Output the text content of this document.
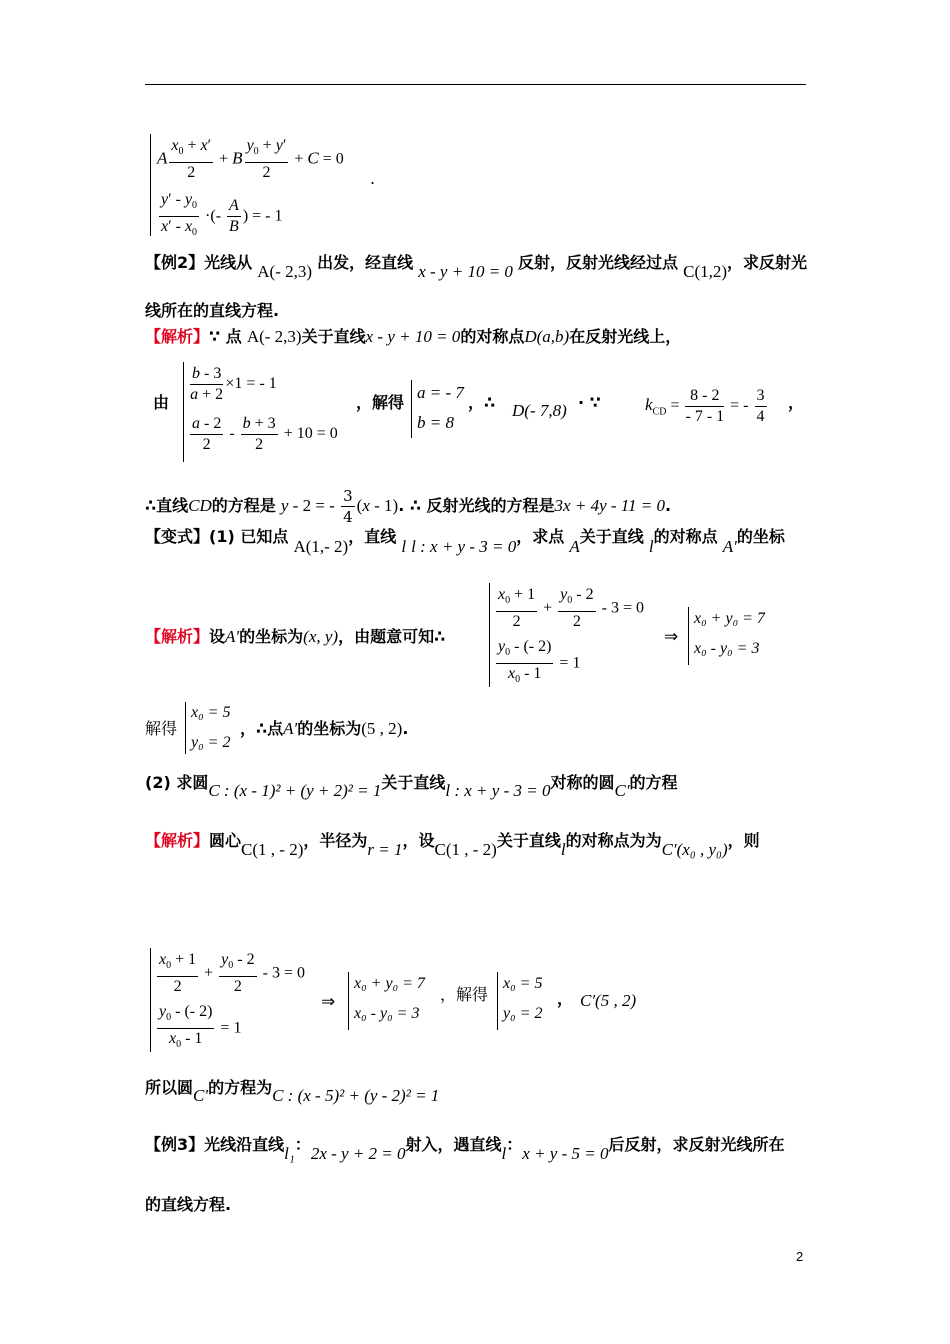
A $\frac{x_0 + x'}{2} + B \frac{y_0 + y'}{2} + C = 0$
$\frac{y' - y_0}{x' - x_0}$ ·(- $\frac{A}{B}$ ) = - 1
.
【例2】光线从 A(- 2,3) 出发，经直线 x - y + 10 = 0 反射，反射光线经过点 C(1,2)，求反射光
线所在的直线方程.
【解析】∵ 点 A(- 2,3)关于直线x - y + 10 = 0的对称点D(a,b)在反射光线上，
由 $\frac{b - 3}{a + 2} \times 1$ = - 1
$\frac{a - 2}{2} - \frac{b + 3}{2} + 10 = 0$
，解得
a = - 7
b = 8
，∴ D(- 7,8) · ∵	$k_{CD} = \frac{8 - 2}{- 7 - 1}$ = - $\frac{3}{4}$ ，
∴直线CD的方程是 y - 2 = - $\frac{3}{4} (x - 1)$. ∴ 反射光线的方程是3x + 4y - 11 = 0.
【变式】(1) 已知点 A(1,- 2)，直线 l l : x + y - 3 = 0，求点 A关于直线 l的对称点 A′的坐标
【解析】设A′的坐标为(x, y)，由题意可知∴
$\frac{x_0 + 1}{2} + \frac{y_0 - 2}{2} - 3 = 0$
$\frac{y_0 - (- 2)}{x_0 - 1} = 1$
⇒
x₀ + y₀ = 7
x₀ - y₀ = 3
解得
x₀ = 5
y₀ = 2
，∴点A′的坐标为(5 , 2).
(2) 求圆C : (x - 1)² + (y + 2)² = 1关于直线l : x + y - 3 = 0对称的圆C′的方程
【解析】圆心C(1 , - 2)，半径为r = 1，设C(1 , - 2)关于直线l的对称点为为C′(x₀ , y₀)，则
$\frac{x_0 + 1}{2} + \frac{y_0 - 2}{2} - 3 = 0$
$\frac{y_0 - (- 2)}{x_0 - 1} = 1$
⇒
x₀ + y₀ = 7
x₀ - y₀ = 3
，解得
x₀ = 5
y₀ = 2
， C′(5 , 2)
所以圆C′的方程为C : (x - 5)² + (y - 2)² = 1
【例3】光线沿直线l₁：2x - y + 2 = 0射入，遇直线l：x + y - 5 = 0后反射，求反射光线所在
的直线方程.
2
